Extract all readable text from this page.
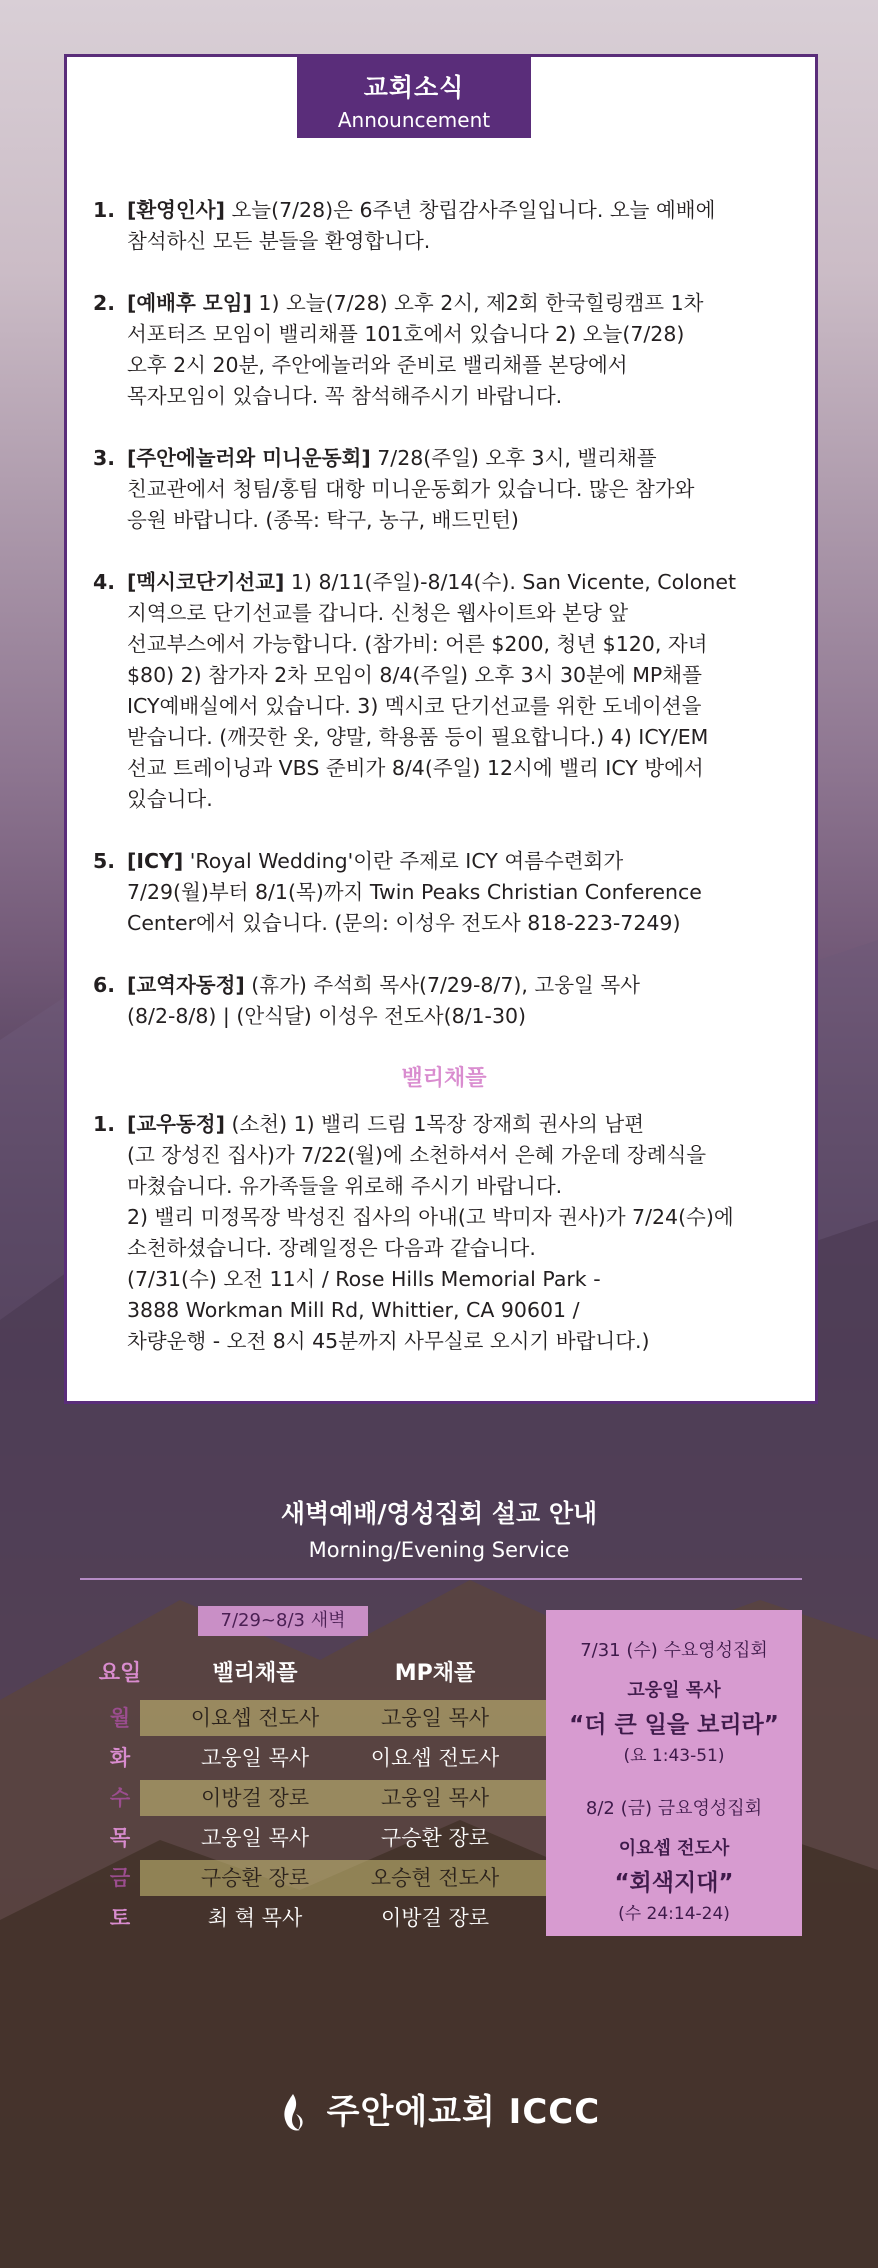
교회소식
Announcement
1. [환영인사] 오늘(7/28)은 6주년 창립감사주일입니다. 오늘 예배에
참석하신 모든 분들을 환영합니다.
2. [예배후 모임] 1) 오늘(7/28) 오후 2시, 제2회 한국힐링캠프 1차
서포터즈 모임이 밸리채플 101호에서 있습니다 2) 오늘(7/28)
오후 2시 20분, 주안에놀러와 준비로 밸리채플 본당에서
목자모임이 있습니다. 꼭 참석해주시기 바랍니다.
3. [주안에놀러와 미니운동회] 7/28(주일) 오후 3시, 밸리채플
친교관에서 청팀/홍팀 대항 미니운동회가 있습니다. 많은 참가와
응원 바랍니다. (종목: 탁구, 농구, 배드민턴)
4. [멕시코단기선교] 1) 8/11(주일)-8/14(수). San Vicente, Colonet
지역으로 단기선교를 갑니다. 신청은 웹사이트와 본당 앞
선교부스에서 가능합니다. (참가비: 어른 $200, 청년 $120, 자녀
$80) 2) 참가자 2차 모임이 8/4(주일) 오후 3시 30분에 MP채플
ICY예배실에서 있습니다. 3) 멕시코 단기선교를 위한 도네이션을
받습니다. (깨끗한 옷, 양말, 학용품 등이 필요합니다.) 4) ICY/EM
선교 트레이닝과 VBS 준비가 8/4(주일) 12시에 밸리 ICY 방에서
있습니다.
5. [ICY] 'Royal Wedding'이란 주제로 ICY 여름수련회가
7/29(월)부터 8/1(목)까지 Twin Peaks Christian Conference
Center에서 있습니다. (문의: 이성우 전도사 818-223-7249)
6. [교역자동정] (휴가) 주석희 목사(7/29-8/7), 고웅일 목사
(8/2-8/8) | (안식달) 이성우 전도사(8/1-30)
밸리채플
1. [교우동정] (소천) 1) 밸리 드림 1목장 장재희 권사의 남편
(고 장성진 집사)가 7/22(월)에 소천하셔서 은혜 가운데 장례식을
마쳤습니다. 유가족들을 위로해 주시기 바랍니다.
2) 밸리 미정목장 박성진 집사의 아내(고 박미자 권사)가 7/24(수)에
소천하셨습니다. 장례일정은 다음과 같습니다.
(7/31(수) 오전 11시 / Rose Hills Memorial Park -
3888 Workman Mill Rd, Whittier, CA 90601 /
차량운행 - 오전 8시 45분까지 사무실로 오시기 바랍니다.)
새벽예배/영성집회 설교 안내
Morning/Evening Service
7/29~8/3 새벽
요일	밸리채플	MP채플
월	이요셉 전도사	고웅일 목사
화	고웅일 목사	이요셉 전도사
수	이방걸 장로	고웅일 목사
목	고웅일 목사	구승환 장로
금	구승환 장로	오승현 전도사
토	최 혁 목사	이방걸 장로
7/31 (수) 수요영성집회
고웅일 목사
“더 큰 일을 보리라”
(요 1:43-51)
8/2 (금) 금요영성집회
이요셉 전도사
“회색지대”
(수 24:14-24)
주안에교회 ICCC
